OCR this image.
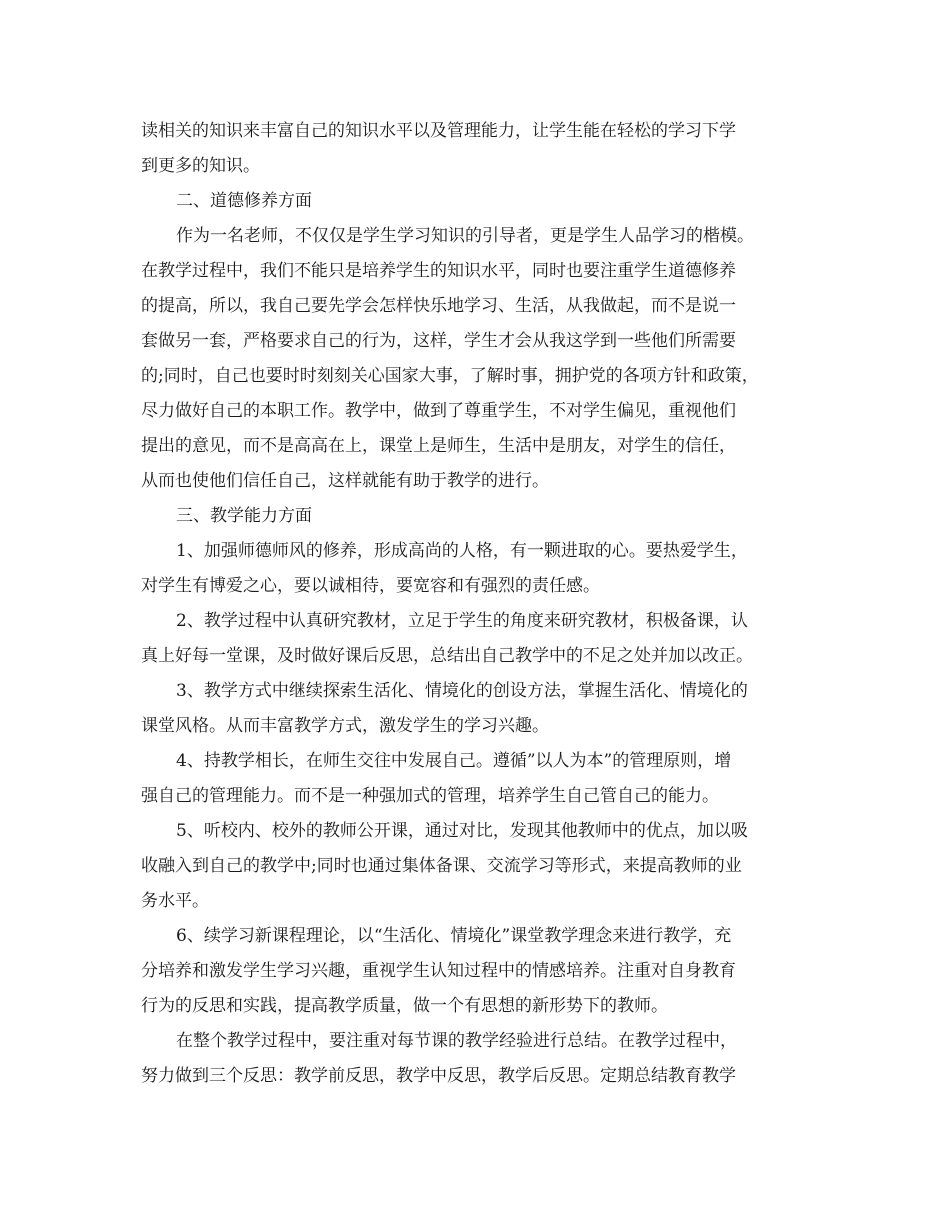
读相关的知识来丰富自己的知识水平以及管理能力，让学生能在轻松的学习下学
到更多的知识。
二、道德修养方面
作为一名老师，不仅仅是学生学习知识的引导者，更是学生人品学习的楷模。
在教学过程中，我们不能只是培养学生的知识水平，同时也要注重学生道德修养
的提高，所以，我自己要先学会怎样快乐地学习、生活，从我做起，而不是说一
套做另一套，严格要求自己的行为，这样，学生才会从我这学到一些他们所需要
的;同时，自己也要时时刻刻关心国家大事，了解时事，拥护党的各项方针和政策，
尽力做好自己的本职工作。教学中，做到了尊重学生，不对学生偏见，重视他们
提出的意见，而不是高高在上，课堂上是师生，生活中是朋友，对学生的信任，
从而也使他们信任自己，这样就能有助于教学的进行。
三、教学能力方面
1、加强师德师风的修养，形成高尚的人格，有一颗进取的心。要热爱学生，
对学生有博爱之心，要以诚相待，要宽容和有强烈的责任感。
2、教学过程中认真研究教材，立足于学生的角度来研究教材，积极备课，认
真上好每一堂课，及时做好课后反思，总结出自己教学中的不足之处并加以改正。
3、教学方式中继续探索生活化、情境化的创设方法，掌握生活化、情境化的
课堂风格。从而丰富教学方式，激发学生的学习兴趣。
4、持教学相长，在师生交往中发展自己。遵循”以人为本”的管理原则，增
强自己的管理能力。而不是一种强加式的管理，培养学生自己管自己的能力。
5、听校内、校外的教师公开课，通过对比，发现其他教师中的优点，加以吸
收融入到自己的教学中;同时也通过集体备课、交流学习等形式，来提高教师的业
务水平。
6、续学习新课程理论，以“生活化、情境化”课堂教学理念来进行教学，充
分培养和激发学生学习兴趣，重视学生认知过程中的情感培养。注重对自身教育
行为的反思和实践，提高教学质量，做一个有思想的新形势下的教师。
在整个教学过程中，要注重对每节课的教学经验进行总结。在教学过程中，
努力做到三个反思：教学前反思，教学中反思，教学后反思。定期总结教育教学
